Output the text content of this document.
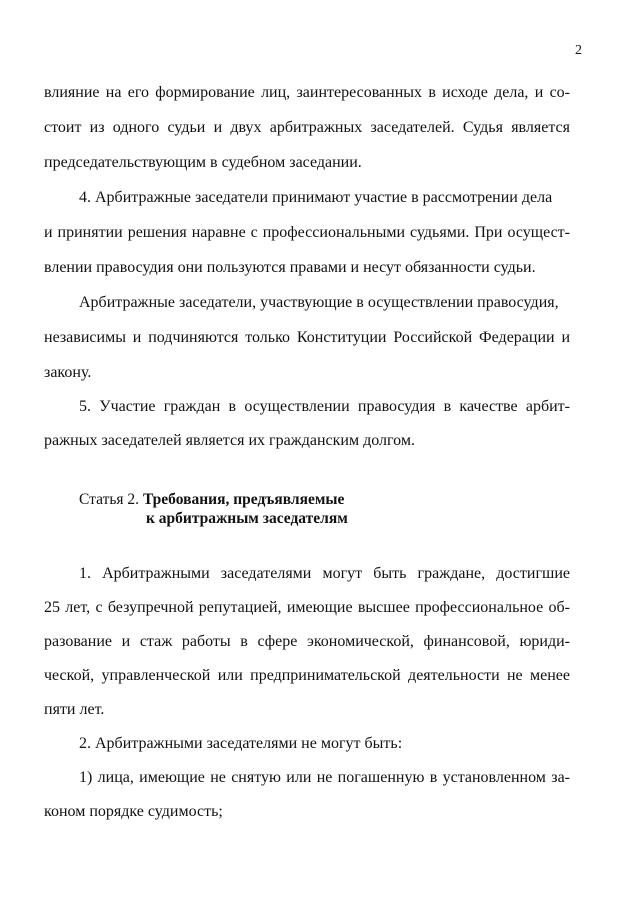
2
влияние на его формирование лиц, заинтересованных в исходе дела, и со-
стоит из одного судьи и двух арбитражных заседателей. Судья является
председательствующим в судебном заседании.
4. Арбитражные заседатели принимают участие в рассмотрении дела
и принятии решения наравне с профессиональными судьями. При осущест-
влении правосудия они пользуются правами и несут обязанности судьи.
Арбитражные заседатели, участвующие в осуществлении правосудия,
независимы и подчиняются только Конституции Российской Федерации и
закону.
5. Участие граждан в осуществлении правосудия в качестве арбит-
ражных заседателей является их гражданским долгом.
Статья 2. Требования, предъявляемые
к арбитражным заседателям
1. Арбитражными заседателями могут быть граждане, достигшие
25 лет, с безупречной репутацией, имеющие высшее профессиональное об-
разование и стаж работы в сфере экономической, финансовой, юриди-
ческой, управленческой или предпринимательской деятельности не менее
пяти лет.
2. Арбитражными заседателями не могут быть:
1) лица, имеющие не снятую или не погашенную в установленном за-
коном порядке судимость;
